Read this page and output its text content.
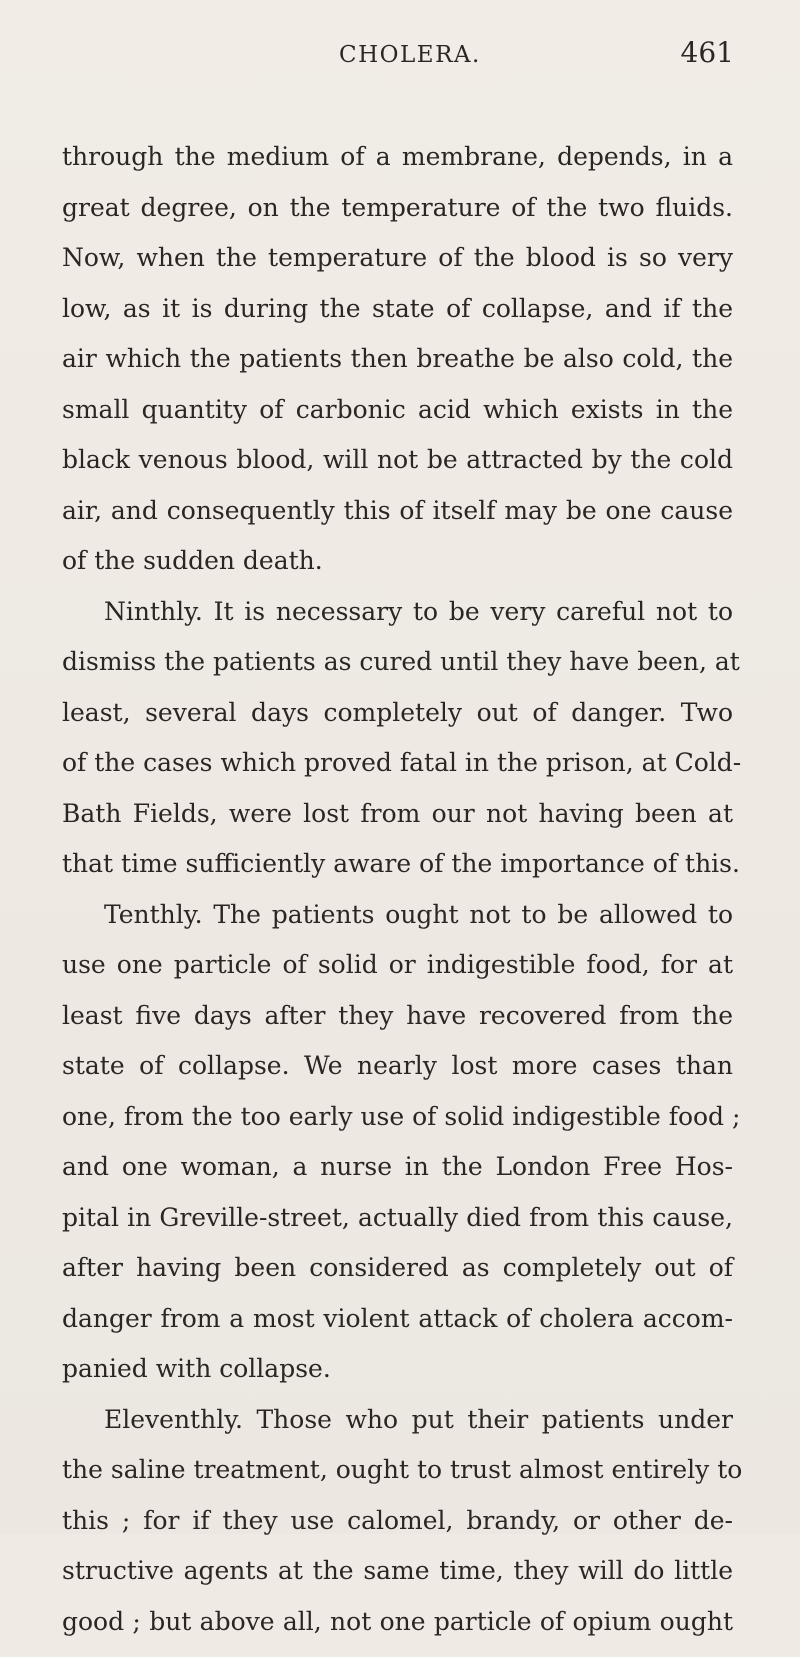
CHOLERA.	461
through the medium of a membrane, depends, in a
great degree, on the temperature of the two fluids.
Now, when the temperature of the blood is so very
low, as it is during the state of collapse, and if the
air which the patients then breathe be also cold, the
small quantity of carbonic acid which exists in the
black venous blood, will not be attracted by the cold
air, and consequently this of itself may be one cause
of the sudden death.
Ninthly. It is necessary to be very careful not to
dismiss the patients as cured until they have been, at
least, several days completely out of danger. Two
of the cases which proved fatal in the prison, at Cold-
Bath Fields, were lost from our not having been at
that time sufficiently aware of the importance of this.
Tenthly. The patients ought not to be allowed to
use one particle of solid or indigestible food, for at
least five days after they have recovered from the
state of collapse. We nearly lost more cases than
one, from the too early use of solid indigestible food ;
and one woman, a nurse in the London Free Hos-
pital in Greville-street, actually died from this cause,
after having been considered as completely out of
danger from a most violent attack of cholera accom-
panied with collapse.
Eleventhly. Those who put their patients under
the saline treatment, ought to trust almost entirely to
this ; for if they use calomel, brandy, or other de-
structive agents at the same time, they will do little
good ; but above all, not one particle of opium ought
